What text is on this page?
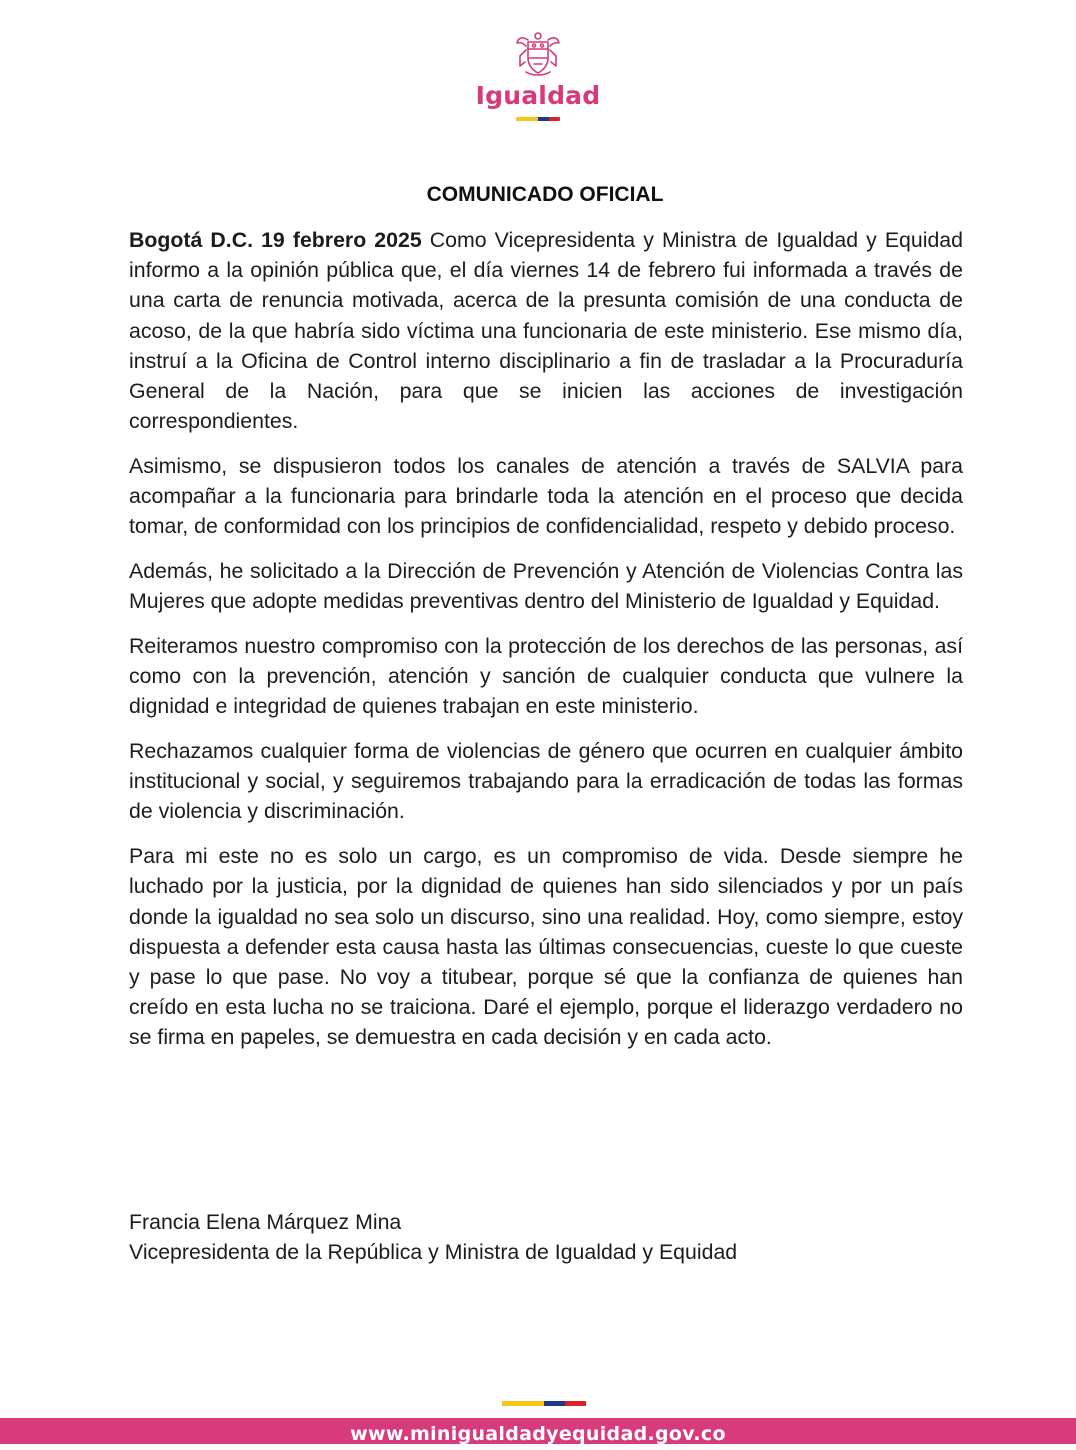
Igualdad
COMUNICADO OFICIAL

Bogotá D.C. 19 febrero 2025 Como Vicepresidenta y Ministra de Igualdad y Equidad informo a la opinión pública que, el día viernes 14 de febrero fui informada a través de una carta de renuncia motivada, acerca de la presunta comisión de una conducta de acoso, de la que habría sido víctima una funcionaria de este ministerio. Ese mismo día, instruí a la Oficina de Control interno disciplinario a fin de trasladar a la Procuraduría General de la Nación, para que se inicien las acciones de investigación correspondientes.

Asimismo, se dispusieron todos los canales de atención a través de SALVIA para acompañar a la funcionaria para brindarle toda la atención en el proceso que decida tomar, de conformidad con los principios de confidencialidad, respeto y debido proceso.

Además, he solicitado a la Dirección de Prevención y Atención de Violencias Contra las Mujeres que adopte medidas preventivas dentro del Ministerio de Igualdad y Equidad.

Reiteramos nuestro compromiso con la protección de los derechos de las personas, así como con la prevención, atención y sanción de cualquier conducta que vulnere la dignidad e integridad de quienes trabajan en este ministerio.

Rechazamos cualquier forma de violencias de género que ocurren en cualquier ámbito institucional y social, y seguiremos trabajando para la erradicación de todas las formas de violencia y discriminación.

Para mi este no es solo un cargo, es un compromiso de vida. Desde siempre he luchado por la justicia, por la dignidad de quienes han sido silenciados y por un país donde la igualdad no sea solo un discurso, sino una realidad. Hoy, como siempre, estoy dispuesta a defender esta causa hasta las últimas consecuencias, cueste lo que cueste y pase lo que pase. No voy a titubear, porque sé que la confianza de quienes han creído en esta lucha no se traiciona. Daré el ejemplo, porque el liderazgo verdadero no se firma en papeles, se demuestra en cada decisión y en cada acto.

Francia Elena Márquez Mina
Vicepresidenta de la República y Ministra de Igualdad y Equidad
www.minigualdadyequidad.gov.co
